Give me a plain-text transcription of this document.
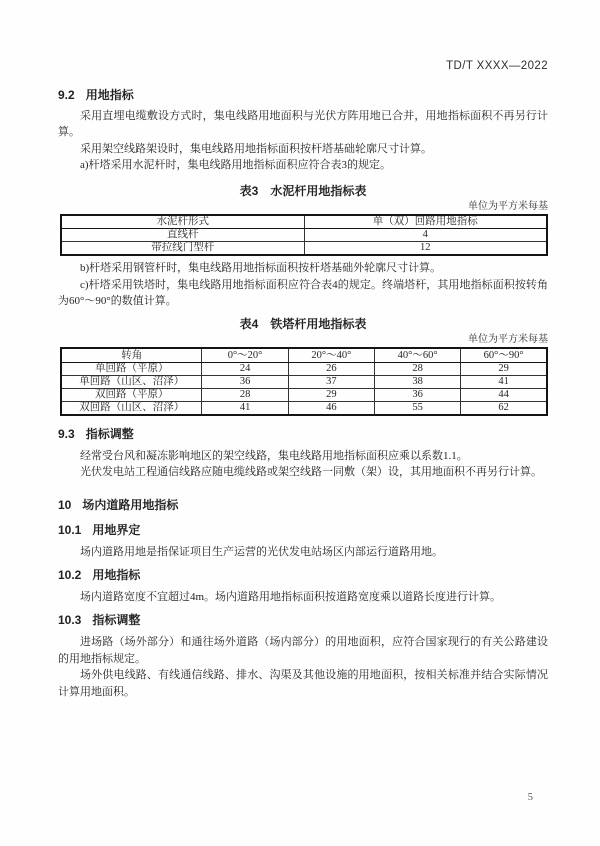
TD/T XXXX—2022
9.2 用地指标

采用直埋电缆敷设方式时，集电线路用地面积与光伏方阵用地已合并，用地指标面积不再另行计算。

采用架空线路架设时，集电线路用地指标面积按杆塔基础轮廓尺寸计算。

a)杆塔采用水泥杆时，集电线路用地指标面积应符合表3的规定。

表3 水泥杆用地指标表
单位为平方米每基
水泥杆形式	单（双）回路用地指标
直线杆	4
带拉线门型杆	12

b)杆塔采用钢管杆时，集电线路用地指标面积按杆塔基础外轮廓尺寸计算。

c)杆塔采用铁塔时，集电线路用地指标面积应符合表4的规定。终端塔杆，其用地指标面积按转角为60°～90°的数值计算。

表4 铁塔杆用地指标表
单位为平方米每基
转角	0°～20°	20°～40°	40°～60°	60°～90°
单回路（平原）	24	26	28	29
单回路（山区、沼泽）	36	37	38	41
双回路（平原）	28	29	36	44
双回路（山区、沼泽）	41	46	55	62
9.3 指标调整

经常受台风和凝冻影响地区的架空线路，集电线路用地指标面积应乘以系数1.1。

光伏发电站工程通信线路应随电缆线路或架空线路一同敷（架）设，其用地面积不再另行计算。

10 场内道路用地指标
10.1 用地界定

场内道路用地是指保证项目生产运营的光伏发电站场区内部运行道路用地。

10.2 用地指标

场内道路宽度不宜超过4m。场内道路用地指标面积按道路宽度乘以道路长度进行计算。

10.3 指标调整

进场路（场外部分）和通往场外道路（场内部分）的用地面积，应符合国家现行的有关公路建设的用地指标规定。

场外供电线路、有线通信线路、排水、沟渠及其他设施的用地面积，按相关标准并结合实际情况计算用地面积。

5
